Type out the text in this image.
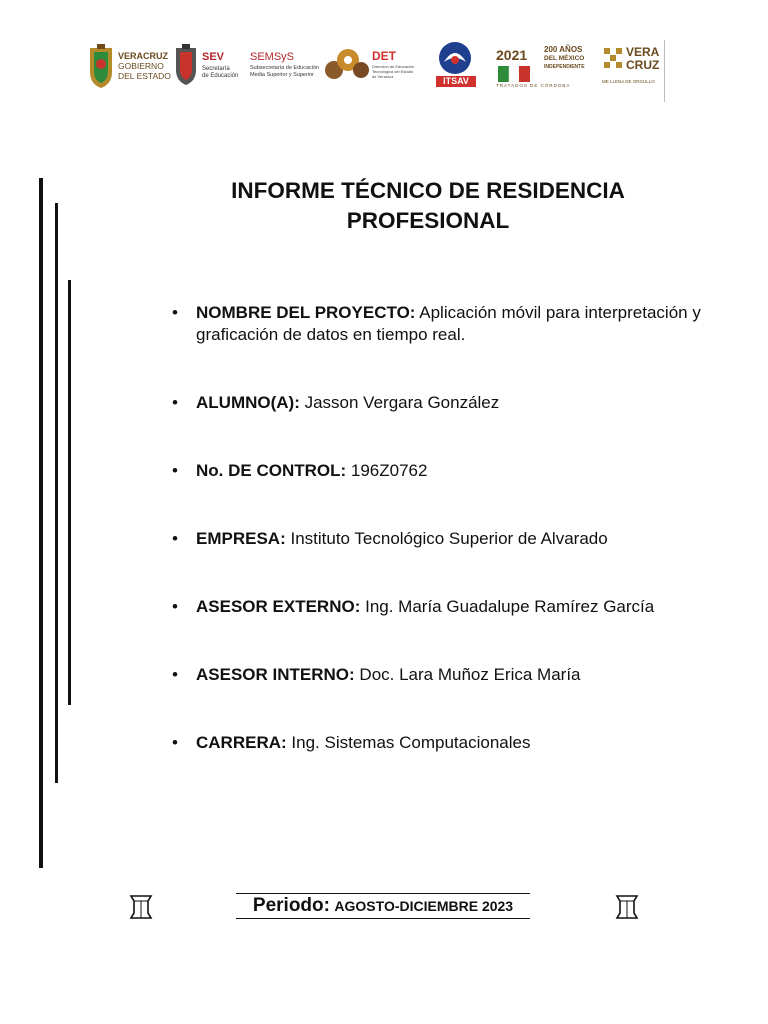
VERACRUZ
GOBIERNO
DEL ESTADO
SEV
Secretaría
de Educación
SEMSyS
Subsecretaría de Educación
Media Superior y Superior
DET
Dirección de Educación
Tecnológica del Estado
de Veracruz	ITSAV
2021 200 AÑOS
DEL MÉXICO
INDEPENDIENTE
TRATADOS DE CÓRDOBA
VERA
CRUZ
ME LLENA DE ORGULLO
INFORME TÉCNICO DE RESIDENCIA PROFESIONAL
• NOMBRE DEL PROYECTO: Aplicación móvil para interpretación y graficación de datos en tiempo real.
• ALUMNO(A): Jasson Vergara González
• No. DE CONTROL: 196Z0762
• EMPRESA: Instituto Tecnológico Superior de Alvarado
• ASESOR EXTERNO: Ing. María Guadalupe Ramírez García
• ASESOR INTERNO: Doc. Lara Muñoz Erica María
• CARRERA: Ing. Sistemas Computacionales
Periodo: AGOSTO-DICIEMBRE 2023
